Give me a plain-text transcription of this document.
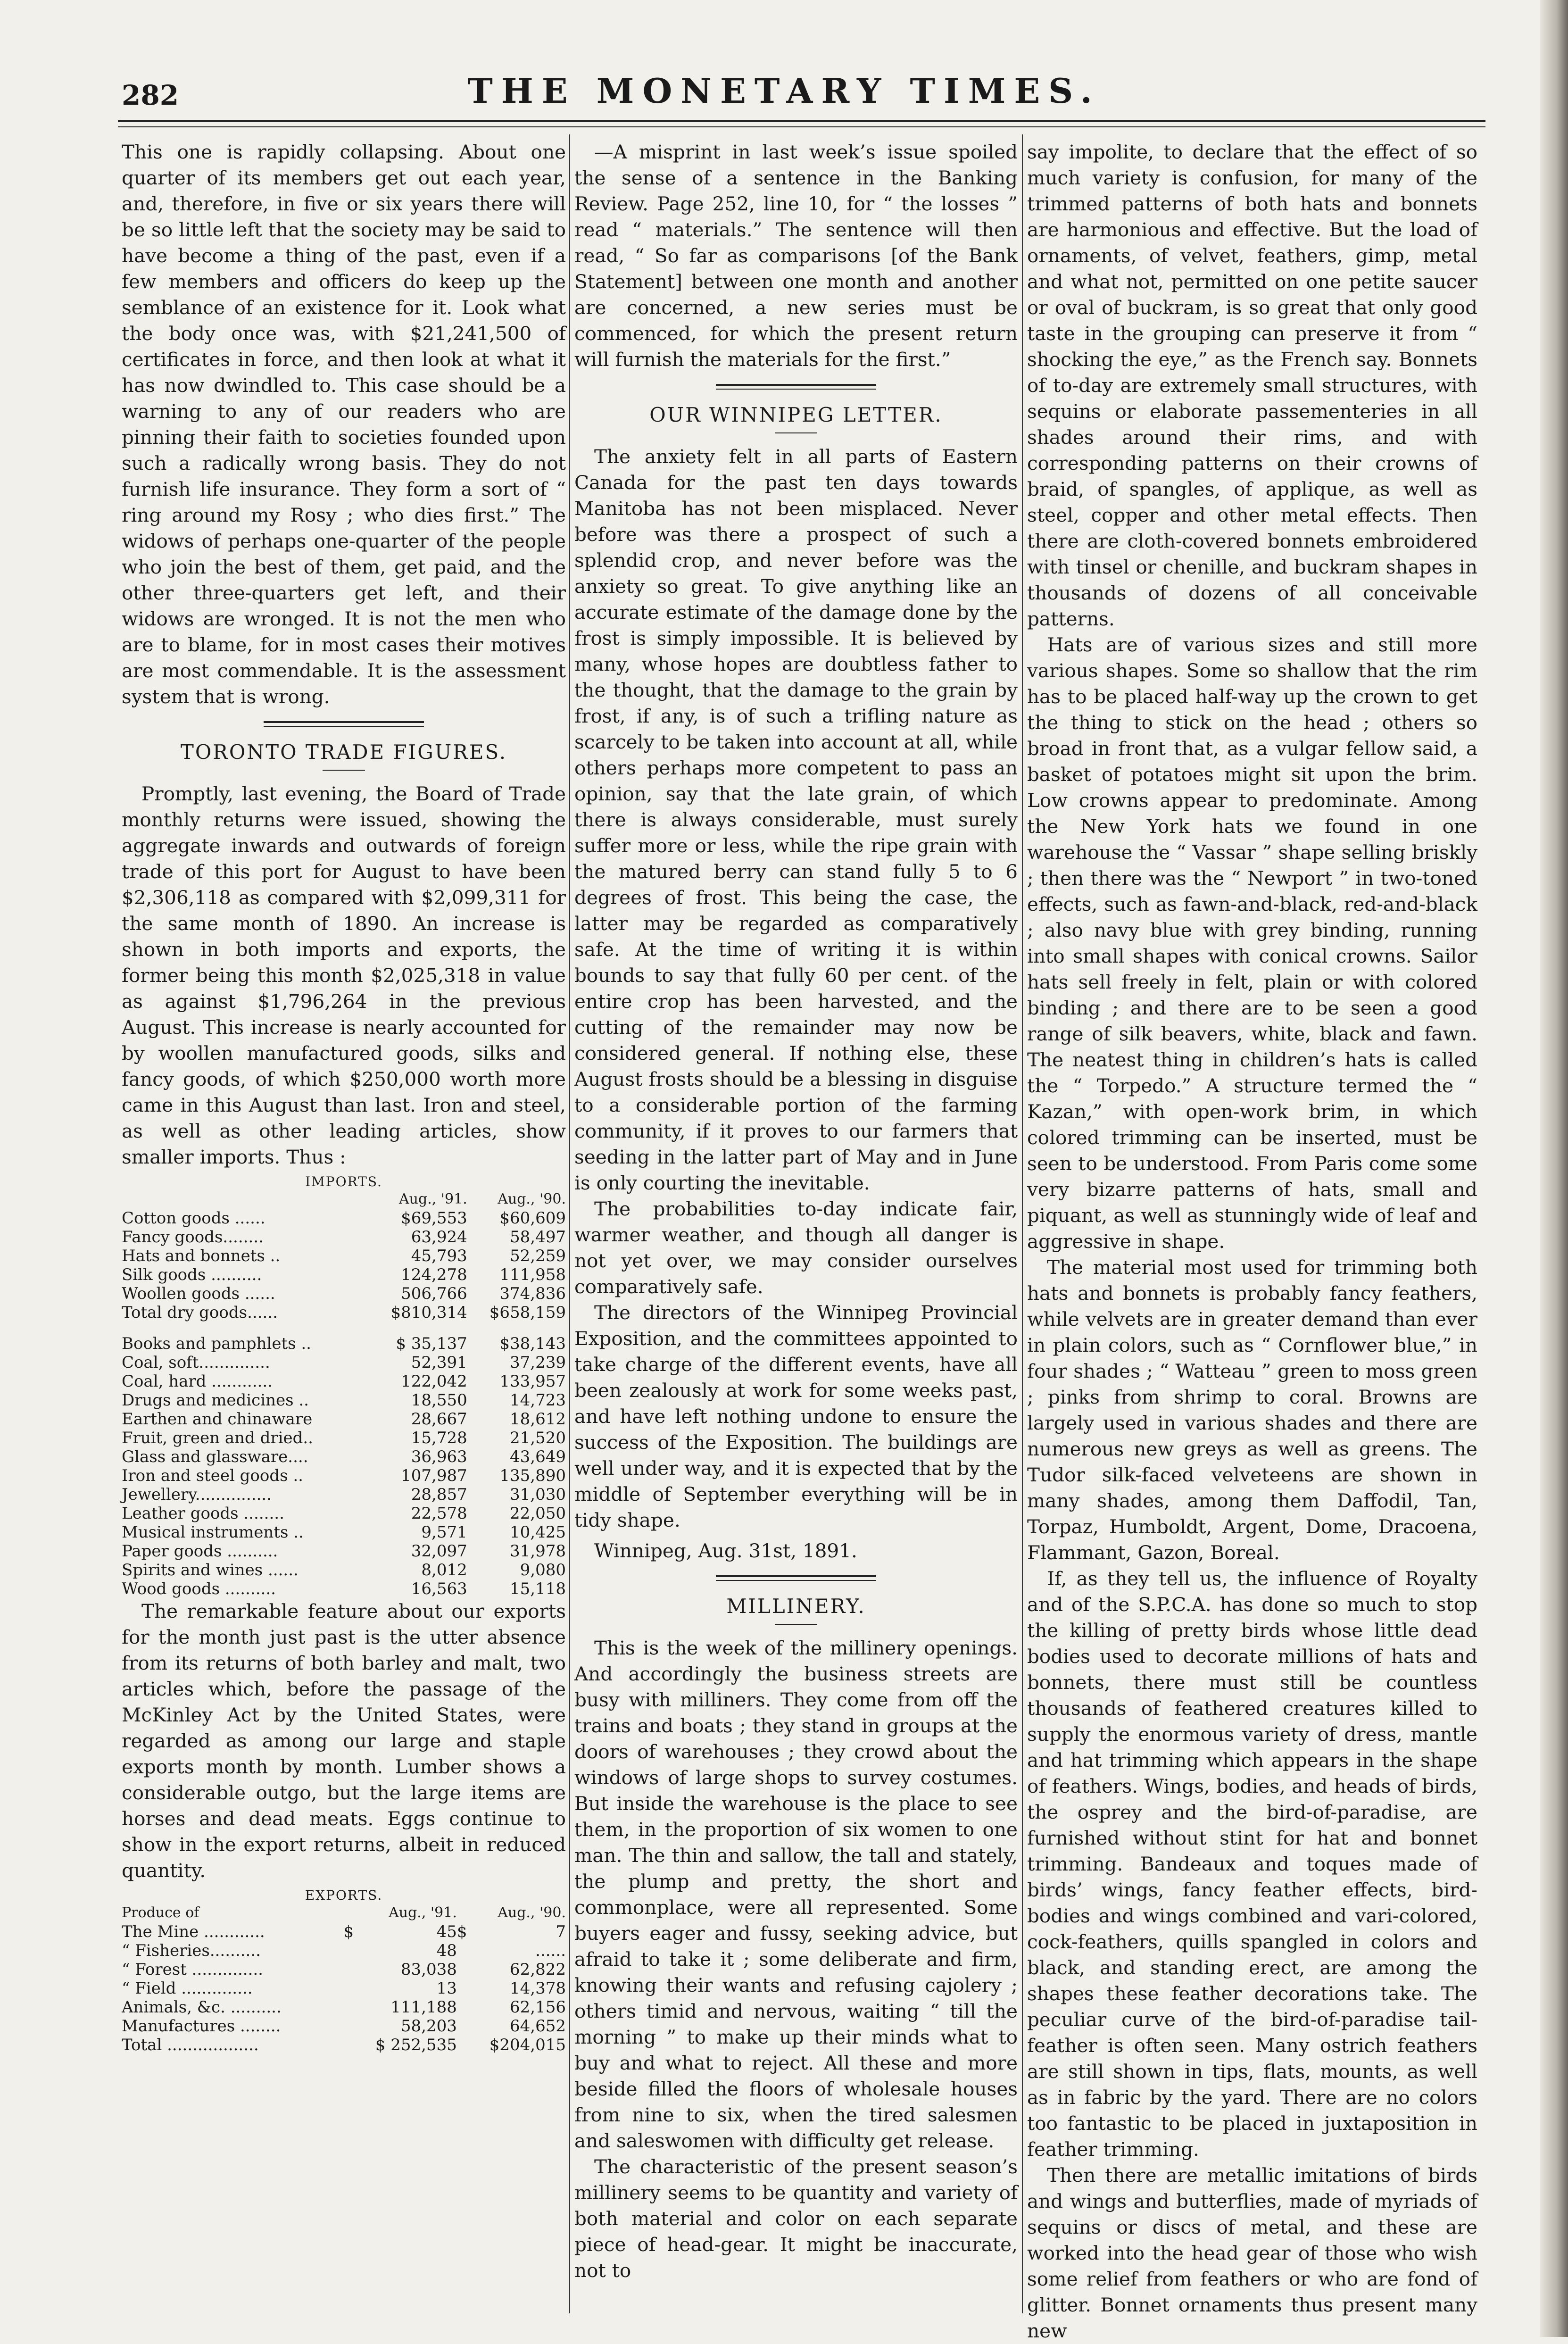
282	THE MONETARY TIMES.

This one is rapidly collapsing. About one quarter of its members get out each year, and, therefore, in five or six years there will be so little left that the society may be said to have become a thing of the past, even if a few members and officers do keep up the semblance of an existence for it. Look what the body once was, with $21,241,500 of certificates in force, and then look at what it has now dwindled to. This case should be a warning to any of our readers who are pinning their faith to societies founded upon such a radically wrong basis. They do not furnish life insurance. They form a sort of “ ring around my Rosy ; who dies first.” The widows of perhaps one-quarter of the people who join the best of them, get paid, and the other three-quarters get left, and their widows are wronged. It is not the men who are to blame, for in most cases their motives are most commendable. It is the assessment system that is wrong.

TORONTO TRADE FIGURES.

Promptly, last evening, the Board of Trade monthly returns were issued, showing the aggregate inwards and outwards of foreign trade of this port for August to have been $2,306,118 as compared with $2,099,311 for the same month of 1890. An increase is shown in both imports and exports, the former being this month $2,025,318 in value as against $1,796,264 in the previous August. This increase is nearly accounted for by woollen manufactured goods, silks and fancy goods, of which $250,000 worth more came in this August than last. Iron and steel, as well as other leading articles, show smaller imports. Thus :

IMPORTS.
	Aug., '91.	Aug., '90.
Cotton goods ......	$69,553	$60,609
Fancy goods........	63,924	58,497
Hats and bonnets ..	45,793	52,259
Silk goods ..........	124,278	111,958
Woollen goods ......	506,766	374,836
Total dry goods......	$810,314	$658,159

Books and pamphlets ..	$ 35,137	$38,143
Coal, soft..............	52,391	37,239
Coal, hard ............	122,042	133,957
Drugs and medicines ..	18,550	14,723
Earthen and chinaware	28,667	18,612
Fruit, green and dried..	15,728	21,520
Glass and glassware....	36,963	43,649
Iron and steel goods ..	107,987	135,890
Jewellery...............	28,857	31,030
Leather goods ........	22,578	22,050
Musical instruments ..	9,571	10,425
Paper goods ..........	32,097	31,978
Spirits and wines ......	8,012	9,080
Wood goods ..........	16,563	15,118

The remarkable feature about our exports for the month just past is the utter absence from its returns of both barley and malt, two articles which, before the passage of the McKinley Act by the United States, were regarded as among our large and staple exports month by month. Lumber shows a considerable outgo, but the large items are horses and dead meats. Eggs continue to show in the export returns, albeit in reduced quantity.

EXPORTS.
Produce of		Aug., '91.		Aug., '90.
The Mine ............	$	45	$	7
“ Fisheries..........		48		......
“ Forest ..............		83,038		62,822
“ Field ..............		13		14,378
Animals, &c. ..........		111,188		62,156
Manufactures ........		58,203		64,652
Total ..................	$ 252,535		$204,015	

—A misprint in last week’s issue spoiled the sense of a sentence in the Banking Review. Page 252, line 10, for “ the losses ” read “ materials.” The sentence will then read, “ So far as comparisons [of the Bank Statement] between one month and another are concerned, a new series must be commenced, for which the present return will furnish the materials for the first.”

OUR WINNIPEG LETTER.

The anxiety felt in all parts of Eastern Canada for the past ten days towards Manitoba has not been misplaced. Never before was there a prospect of such a splendid crop, and never before was the anxiety so great. To give anything like an accurate estimate of the damage done by the frost is simply impossible. It is believed by many, whose hopes are doubtless father to the thought, that the damage to the grain by frost, if any, is of such a trifling nature as scarcely to be taken into account at all, while others perhaps more competent to pass an opinion, say that the late grain, of which there is always considerable, must surely suffer more or less, while the ripe grain with the matured berry can stand fully 5 to 6 degrees of frost. This being the case, the latter may be regarded as comparatively safe. At the time of writing it is within bounds to say that fully 60 per cent. of the entire crop has been harvested, and the cutting of the remainder may now be considered general. If nothing else, these August frosts should be a blessing in disguise to a considerable portion of the farming community, if it proves to our farmers that seeding in the latter part of May and in June is only courting the inevitable.

The probabilities to-day indicate fair, warmer weather, and though all danger is not yet over, we may consider ourselves comparatively safe.

The directors of the Winnipeg Provincial Exposition, and the committees appointed to take charge of the different events, have all been zealously at work for some weeks past, and have left nothing undone to ensure the success of the Exposition. The buildings are well under way, and it is expected that by the middle of September everything will be in tidy shape.

Winnipeg, Aug. 31st, 1891.
MILLINERY.

This is the week of the millinery openings. And accordingly the business streets are busy with milliners. They come from off the trains and boats ; they stand in groups at the doors of warehouses ; they crowd about the windows of large shops to survey costumes. But inside the warehouse is the place to see them, in the proportion of six women to one man. The thin and sallow, the tall and stately, the plump and pretty, the short and commonplace, were all represented. Some buyers eager and fussy, seeking advice, but afraid to take it ; some deliberate and firm, knowing their wants and refusing cajolery ; others timid and nervous, waiting “ till the morning ” to make up their minds what to buy and what to reject. All these and more beside filled the floors of wholesale houses from nine to six, when the tired salesmen and saleswomen with difficulty get release.

The characteristic of the present season’s millinery seems to be quantity and variety of both material and color on each separate piece of head-gear. It might be inaccurate, not to

say impolite, to declare that the effect of so much variety is confusion, for many of the trimmed patterns of both hats and bonnets are harmonious and effective. But the load of ornaments, of velvet, feathers, gimp, metal and what not, permitted on one petite saucer or oval of buckram, is so great that only good taste in the grouping can preserve it from “ shocking the eye,” as the French say. Bonnets of to-day are extremely small structures, with sequins or elaborate passementeries in all shades around their rims, and with corresponding patterns on their crowns of braid, of spangles, of applique, as well as steel, copper and other metal effects. Then there are cloth-covered bonnets embroidered with tinsel or chenille, and buckram shapes in thousands of dozens of all conceivable patterns.

Hats are of various sizes and still more various shapes. Some so shallow that the rim has to be placed half-way up the crown to get the thing to stick on the head ; others so broad in front that, as a vulgar fellow said, a basket of potatoes might sit upon the brim. Low crowns appear to predominate. Among the New York hats we found in one warehouse the “ Vassar ” shape selling briskly ; then there was the “ Newport ” in two-toned effects, such as fawn-and-black, red-and-black ; also navy blue with grey binding, running into small shapes with conical crowns. Sailor hats sell freely in felt, plain or with colored binding ; and there are to be seen a good range of silk beavers, white, black and fawn. The neatest thing in children’s hats is called the “ Torpedo.” A structure termed the “ Kazan,” with open-work brim, in which colored trimming can be inserted, must be seen to be understood. From Paris come some very bizarre patterns of hats, small and piquant, as well as stunningly wide of leaf and aggressive in shape.

The material most used for trimming both hats and bonnets is probably fancy feathers, while velvets are in greater demand than ever in plain colors, such as “ Cornflower blue,” in four shades ; “ Watteau ” green to moss green ; pinks from shrimp to coral. Browns are largely used in various shades and there are numerous new greys as well as greens. The Tudor silk-faced velveteens are shown in many shades, among them Daffodil, Tan, Torpaz, Humboldt, Argent, Dome, Dracoena, Flammant, Gazon, Boreal.

If, as they tell us, the influence of Royalty and of the S.P.C.A. has done so much to stop the killing of pretty birds whose little dead bodies used to decorate millions of hats and bonnets, there must still be countless thousands of feathered creatures killed to supply the enormous variety of dress, mantle and hat trimming which appears in the shape of feathers. Wings, bodies, and heads of birds, the osprey and the bird-of-paradise, are furnished without stint for hat and bonnet trimming. Bandeaux and toques made of birds’ wings, fancy feather effects, bird-bodies and wings combined and vari-colored, cock-feathers, quills spangled in colors and black, and standing erect, are among the shapes these feather decorations take. The peculiar curve of the bird-of-paradise tail-feather is often seen. Many ostrich feathers are still shown in tips, flats, mounts, as well as in fabric by the yard. There are no colors too fantastic to be placed in juxtaposition in feather trimming.

Then there are metallic imitations of birds and wings and butterflies, made of myriads of sequins or discs of metal, and these are worked into the head gear of those who wish some relief from feathers or who are fond of glitter. Bonnet ornaments thus present many new
